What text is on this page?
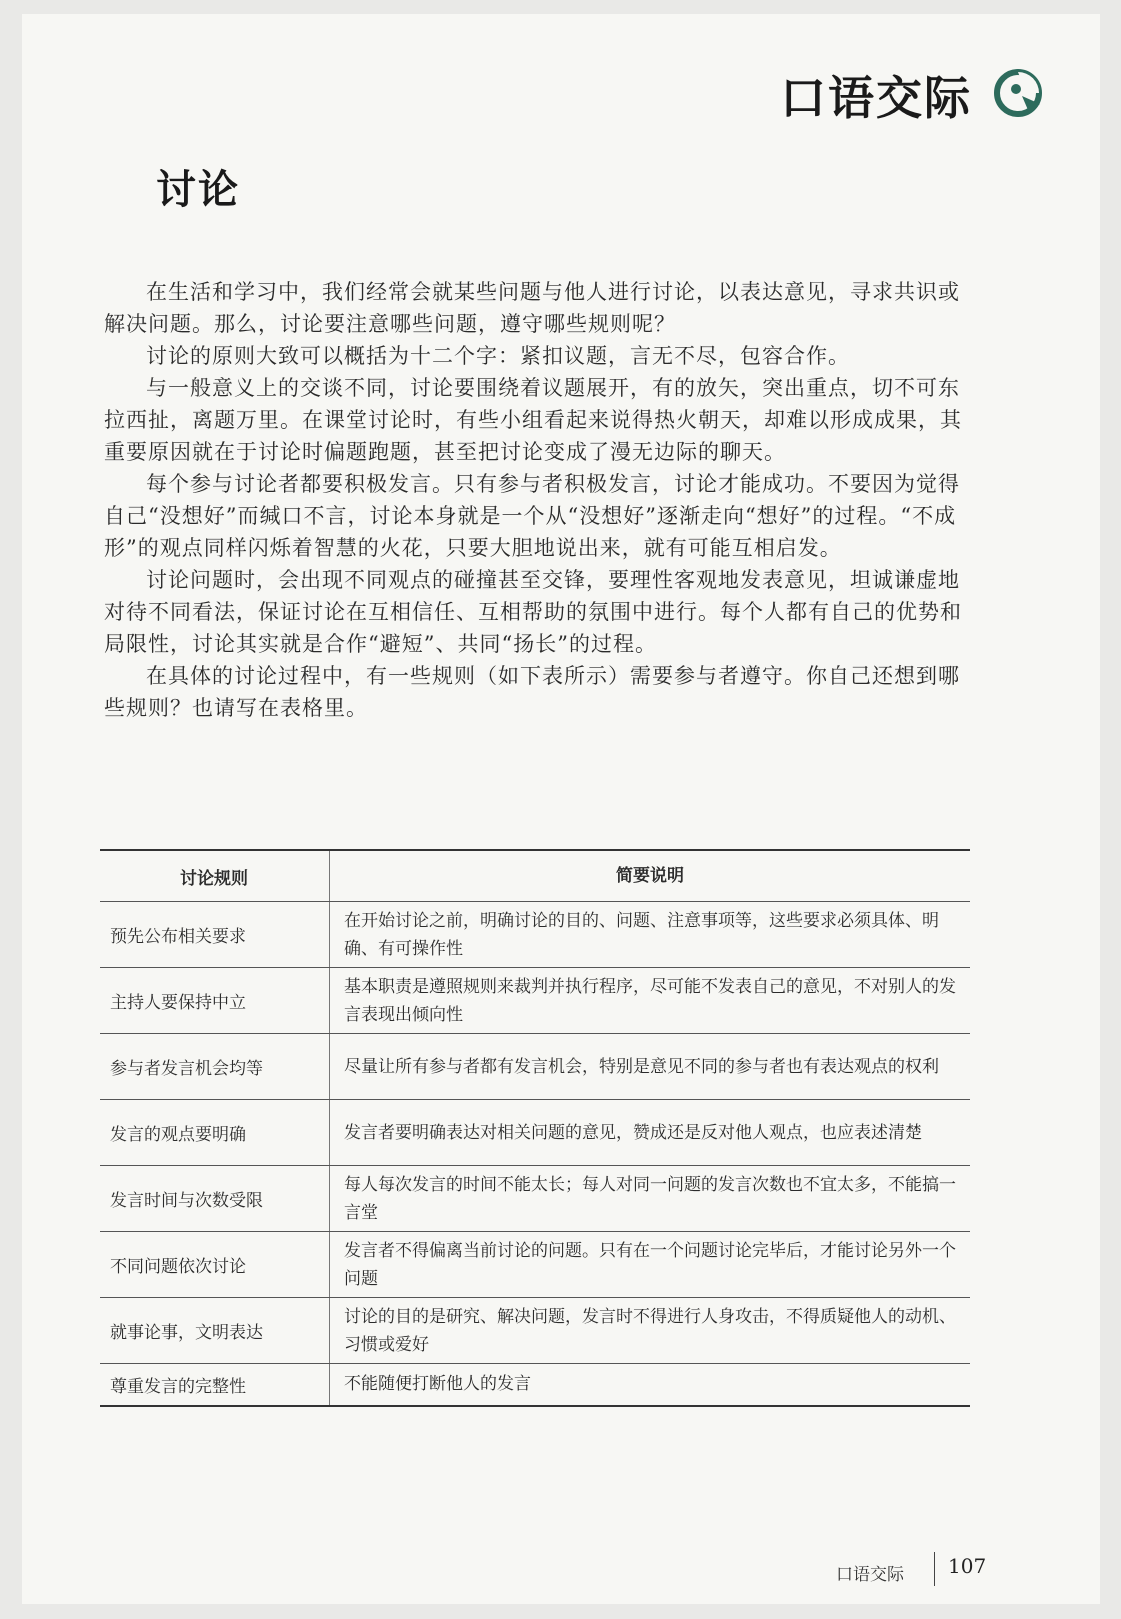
口语交际
讨论

在生活和学习中，我们经常会就某些问题与他人进行讨论，以表达意见，寻求共识或解决问题。那么，讨论要注意哪些问题，遵守哪些规则呢？

讨论的原则大致可以概括为十二个字：紧扣议题，言无不尽，包容合作。

与一般意义上的交谈不同，讨论要围绕着议题展开，有的放矢，突出重点，切不可东拉西扯，离题万里。在课堂讨论时，有些小组看起来说得热火朝天，却难以形成成果，其重要原因就在于讨论时偏题跑题，甚至把讨论变成了漫无边际的聊天。

每个参与讨论者都要积极发言。只有参与者积极发言，讨论才能成功。不要因为觉得自己“没想好”而缄口不言，讨论本身就是一个从“没想好”逐渐走向“想好”的过程。“不成形”的观点同样闪烁着智慧的火花，只要大胆地说出来，就有可能互相启发。

讨论问题时，会出现不同观点的碰撞甚至交锋，要理性客观地发表意见，坦诚谦虚地对待不同看法，保证讨论在互相信任、互相帮助的氛围中进行。每个人都有自己的优势和局限性，讨论其实就是合作“避短”、共同“扬长”的过程。

在具体的讨论过程中，有一些规则（如下表所示）需要参与者遵守。你自己还想到哪些规则？也请写在表格里。

讨论规则	简要说明
预先公布相关要求	在开始讨论之前，明确讨论的目的、问题、注意事项等，这些要求必须具体、明确、有可操作性
主持人要保持中立	基本职责是遵照规则来裁判并执行程序，尽可能不发表自己的意见，不对别人的发言表现出倾向性
参与者发言机会均等	尽量让所有参与者都有发言机会，特别是意见不同的参与者也有表达观点的权利
发言的观点要明确	发言者要明确表达对相关问题的意见，赞成还是反对他人观点，也应表述清楚
发言时间与次数受限	每人每次发言的时间不能太长；每人对同一问题的发言次数也不宜太多，不能搞一言堂
不同问题依次讨论	发言者不得偏离当前讨论的问题。只有在一个问题讨论完毕后，才能讨论另外一个问题
就事论事，文明表达	讨论的目的是研究、解决问题，发言时不得进行人身攻击，不得质疑他人的动机、习惯或爱好
尊重发言的完整性	不能随便打断他人的发言
口语交际 107
